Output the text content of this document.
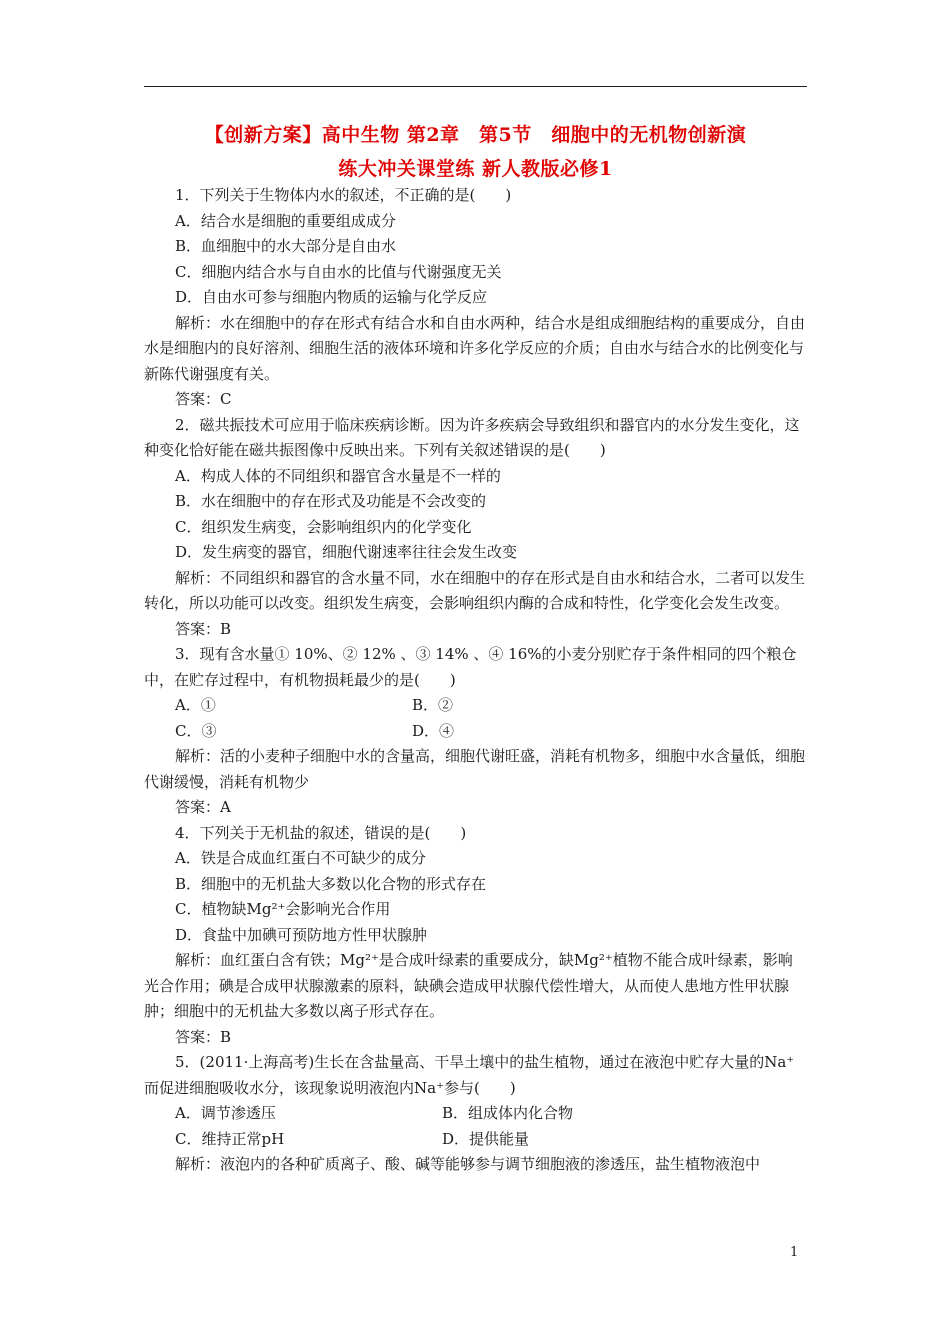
【创新方案】高中生物 第2章　第5节　细胞中的无机物创新演
练大冲关课堂练 新人教版必修1

1．下列关于生物体内水的叙述，不正确的是(　　)

A．结合水是细胞的重要组成成分

B．血细胞中的水大部分是自由水

C．细胞内结合水与自由水的比值与代谢强度无关

D．自由水可参与细胞内物质的运输与化学反应

解析：水在细胞中的存在形式有结合水和自由水两种，结合水是组成细胞结构的重要成分，自由水是细胞内的良好溶剂、细胞生活的液体环境和许多化学反应的介质；自由水与结合水的比例变化与新陈代谢强度有关。

答案：C

2．磁共振技术可应用于临床疾病诊断。因为许多疾病会导致组织和器官内的水分发生变化，这种变化恰好能在磁共振图像中反映出来。下列有关叙述错误的是(　　)

A．构成人体的不同组织和器官含水量是不一样的

B．水在细胞中的存在形式及功能是不会改变的

C．组织发生病变，会影响组织内的化学变化

D．发生病变的器官，细胞代谢速率往往会发生改变

解析：不同组织和器官的含水量不同，水在细胞中的存在形式是自由水和结合水，二者可以发生转化，所以功能可以改变。组织发生病变，会影响组织内酶的合成和特性，化学变化会发生改变。

答案：B

3．现有含水量① 10%、② 12% 、③ 14% 、④ 16%的小麦分别贮存于条件相同的四个粮仓中，在贮存过程中，有机物损耗最少的是(　　)

A．①	B．②
C．③	D．④

解析：活的小麦种子细胞中水的含量高，细胞代谢旺盛，消耗有机物多，细胞中水含量低，细胞代谢缓慢，消耗有机物少

答案：A

4．下列关于无机盐的叙述，错误的是(　　)

A．铁是合成血红蛋白不可缺少的成分

B．细胞中的无机盐大多数以化合物的形式存在

C．植物缺Mg²⁺会影响光合作用

D．食盐中加碘可预防地方性甲状腺肿

解析：血红蛋白含有铁；Mg²⁺是合成叶绿素的重要成分，缺Mg²⁺植物不能合成叶绿素，影响光合作用；碘是合成甲状腺激素的原料，缺碘会造成甲状腺代偿性增大，从而使人患地方性甲状腺肿；细胞中的无机盐大多数以离子形式存在。

答案：B

5．(2011·上海高考)生长在含盐量高、干旱土壤中的盐生植物，通过在液泡中贮存大量的Na⁺而促进细胞吸收水分，该现象说明液泡内Na⁺参与(　　)

A．调节渗透压	B．组成体内化合物
C．维持正常pH	D．提供能量

解析：液泡内的各种矿质离子、酸、碱等能够参与调节细胞液的渗透压，盐生植物液泡中

1
